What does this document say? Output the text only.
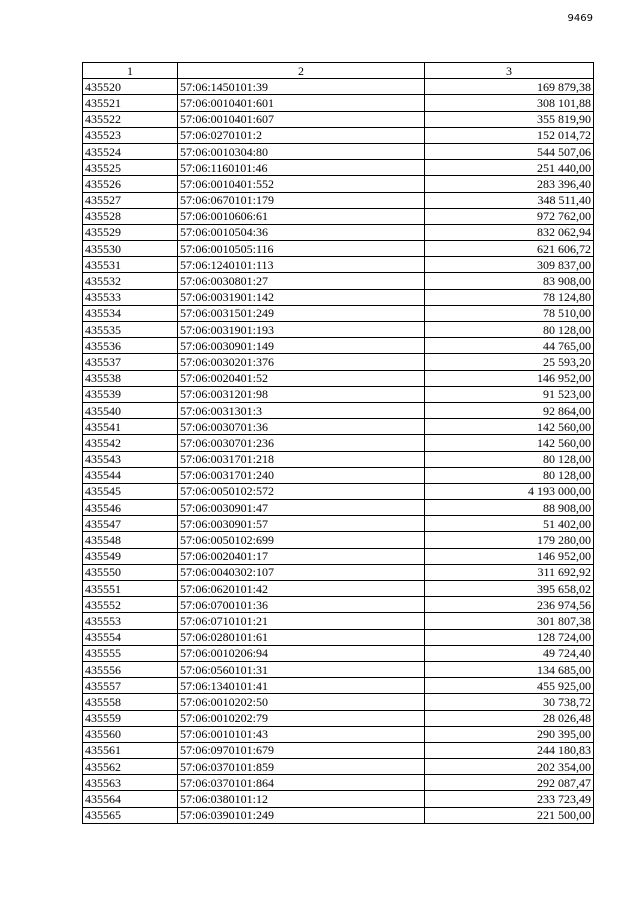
9469
1	2	3
435520	57:06:1450101:39	169 879,38
435521	57:06:0010401:601	308 101,88
435522	57:06:0010401:607	355 819,90
435523	57:06:0270101:2	152 014,72
435524	57:06:0010304:80	544 507,06
435525	57:06:1160101:46	251 440,00
435526	57:06:0010401:552	283 396,40
435527	57:06:0670101:179	348 511,40
435528	57:06:0010606:61	972 762,00
435529	57:06:0010504:36	832 062,94
435530	57:06:0010505:116	621 606,72
435531	57:06:1240101:113	309 837,00
435532	57:06:0030801:27	83 908,00
435533	57:06:0031901:142	78 124,80
435534	57:06:0031501:249	78 510,00
435535	57:06:0031901:193	80 128,00
435536	57:06:0030901:149	44 765,00
435537	57:06:0030201:376	25 593,20
435538	57:06:0020401:52	146 952,00
435539	57:06:0031201:98	91 523,00
435540	57:06:0031301:3	92 864,00
435541	57:06:0030701:36	142 560,00
435542	57:06:0030701:236	142 560,00
435543	57:06:0031701:218	80 128,00
435544	57:06:0031701:240	80 128,00
435545	57:06:0050102:572	4 193 000,00
435546	57:06:0030901:47	88 908,00
435547	57:06:0030901:57	51 402,00
435548	57:06:0050102:699	179 280,00
435549	57:06:0020401:17	146 952,00
435550	57:06:0040302:107	311 692,92
435551	57:06:0620101:42	395 658,02
435552	57:06:0700101:36	236 974,56
435553	57:06:0710101:21	301 807,38
435554	57:06:0280101:61	128 724,00
435555	57:06:0010206:94	49 724,40
435556	57:06:0560101:31	134 685,00
435557	57:06:1340101:41	455 925,00
435558	57:06:0010202:50	30 738,72
435559	57:06:0010202:79	28 026,48
435560	57:06:0010101:43	290 395,00
435561	57:06:0970101:679	244 180,83
435562	57:06:0370101:859	202 354,00
435563	57:06:0370101:864	292 087,47
435564	57:06:0380101:12	233 723,49
435565	57:06:0390101:249	221 500,00
